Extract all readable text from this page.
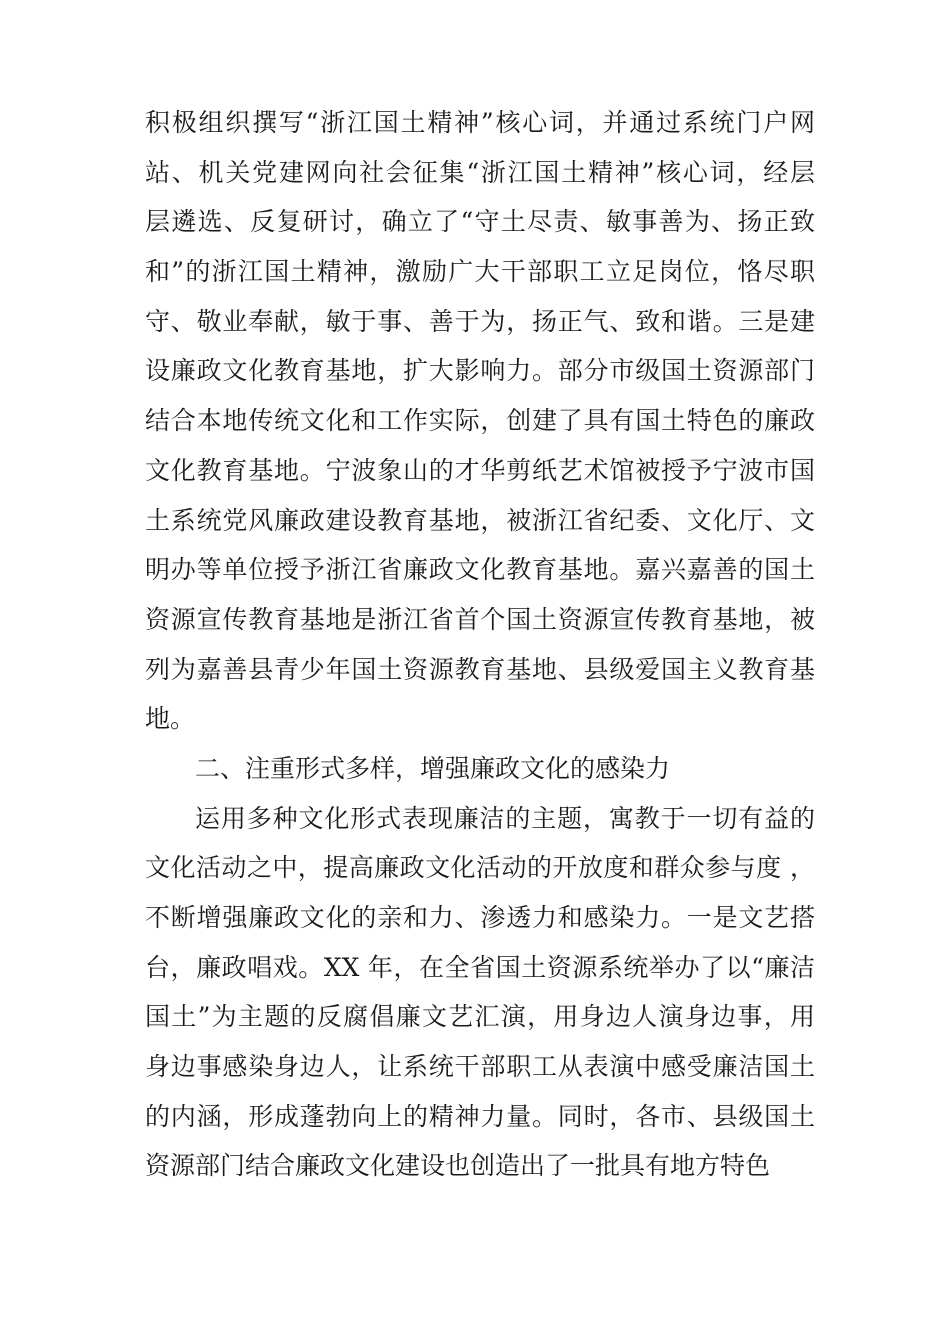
积极组织撰写“浙江国土精神”核心词，并通过系统门户网
站、机关党建网向社会征集“浙江国土精神”核心词，经层
层遴选、反复研讨，确立了“守土尽责、敏事善为、扬正致
和”的浙江国土精神，激励广大干部职工立足岗位，恪尽职
守、敬业奉献，敏于事、善于为，扬正气、致和谐。三是建
设廉政文化教育基地，扩大影响力。部分市级国土资源部门
结合本地传统文化和工作实际，创建了具有国土特色的廉政
文化教育基地。宁波象山的才华剪纸艺术馆被授予宁波市国
土系统党风廉政建设教育基地，被浙江省纪委、文化厅、文
明办等单位授予浙江省廉政文化教育基地。嘉兴嘉善的国土
资源宣传教育基地是浙江省首个国土资源宣传教育基地，被
列为嘉善县青少年国土资源教育基地、县级爱国主义教育基
地。
二、注重形式多样，增强廉政文化的感染力
运用多种文化形式表现廉洁的主题，寓教于一切有益的
文化活动之中，提高廉政文化活动的开放度和群众参与度 ，
不断增强廉政文化的亲和力、渗透力和感染力。一是文艺搭
台，廉政唱戏。XX 年，在全省国土资源系统举办了以“廉洁
国土”为主题的反腐倡廉文艺汇演，用身边人演身边事，用
身边事感染身边人，让系统干部职工从表演中感受廉洁国土
的内涵，形成蓬勃向上的精神力量。同时，各市、县级国土
资源部门结合廉政文化建设也创造出了一批具有地方特色
